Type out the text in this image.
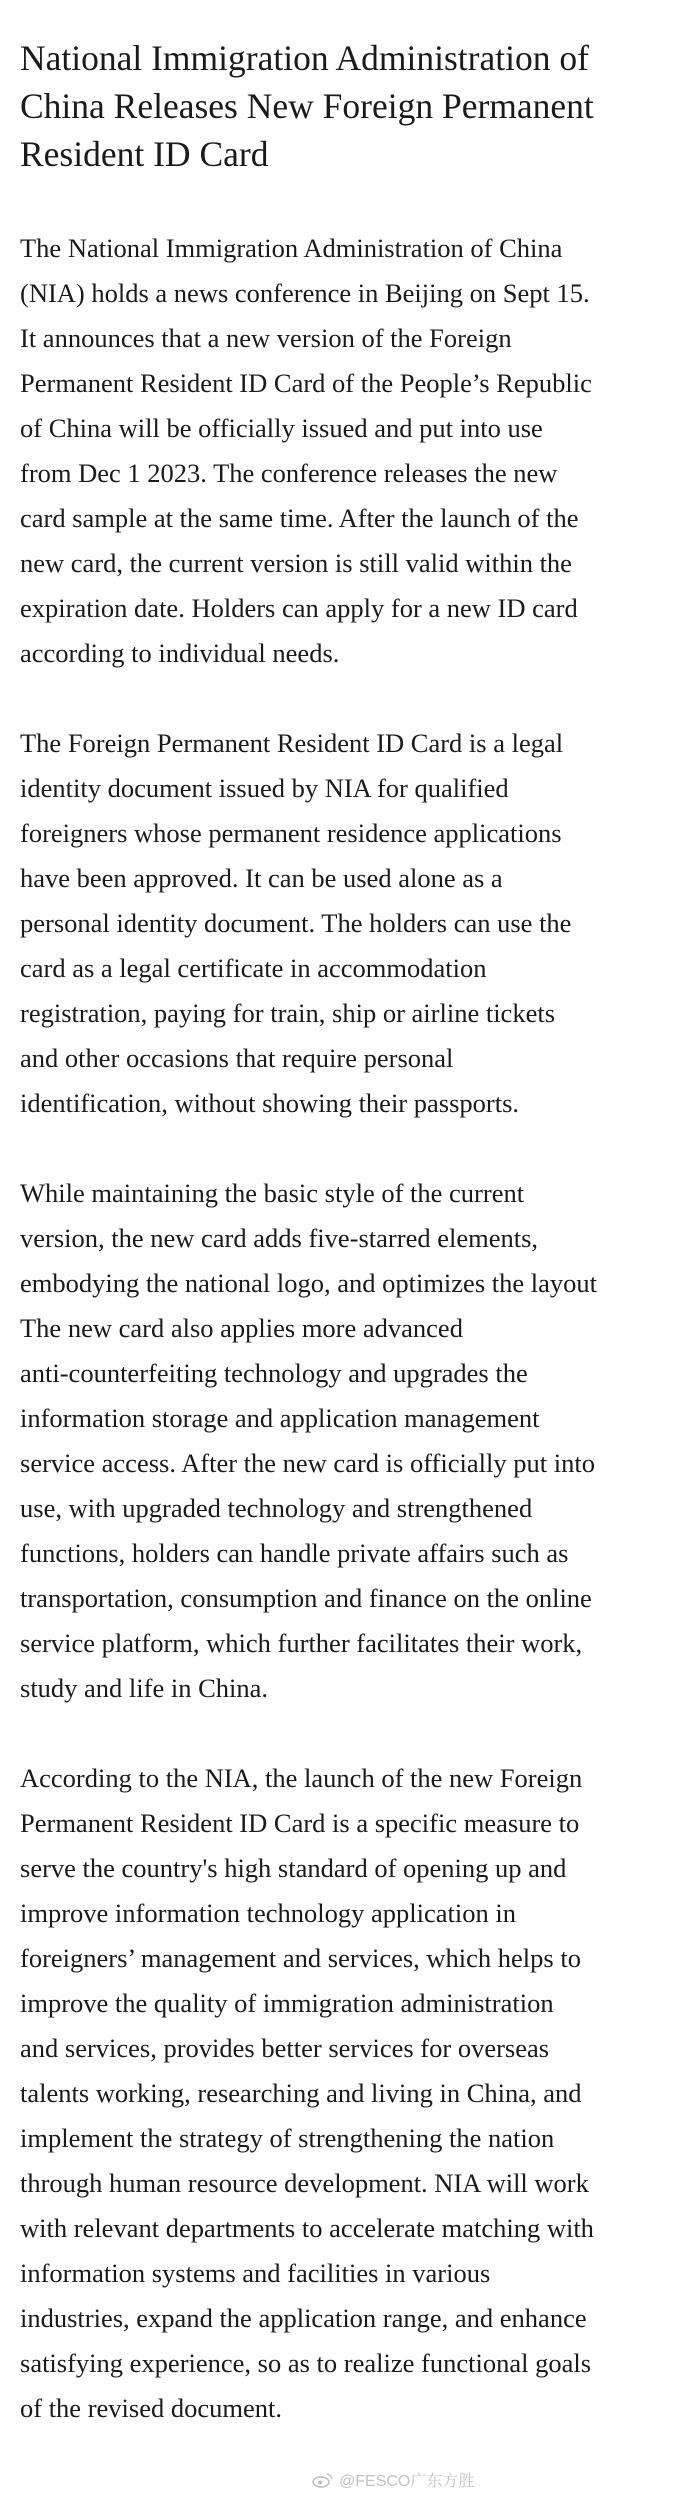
National Immigration Administration of
China Releases New Foreign Permanent
Resident ID Card

The National Immigration Administration of China
(NIA) holds a news conference in Beijing on Sept 15.
It announces that a new version of the Foreign
Permanent Resident ID Card of the People’s Republic
of China will be officially issued and put into use
from Dec 1 2023. The conference releases the new
card sample at the same time. After the launch of the
new card, the current version is still valid within the
expiration date. Holders can apply for a new ID card
according to individual needs.

The Foreign Permanent Resident ID Card is a legal
identity document issued by NIA for qualified
foreigners whose permanent residence applications
have been approved. It can be used alone as a
personal identity document. The holders can use the
card as a legal certificate in accommodation
registration, paying for train, ship or airline tickets
and other occasions that require personal
identification, without showing their passports.

While maintaining the basic style of the current
version, the new card adds five-starred elements,
embodying the national logo, and optimizes the layout
The new card also applies more advanced
anti-counterfeiting technology and upgrades the
information storage and application management
service access. After the new card is officially put into
use, with upgraded technology and strengthened
functions, holders can handle private affairs such as
transportation, consumption and finance on the online
service platform, which further facilitates their work,
study and life in China.

According to the NIA, the launch of the new Foreign
Permanent Resident ID Card is a specific measure to
serve the country's high standard of opening up and
improve information technology application in
foreigners’ management and services, which helps to
improve the quality of immigration administration
and services, provides better services for overseas
talents working, researching and living in China, and
implement the strategy of strengthening the nation
through human resource development. NIA will work
with relevant departments to accelerate matching with
information systems and facilities in various
industries, expand the application range, and enhance
satisfying experience, so as to realize functional goals
of the revised document.

@FESCO广东方胜
